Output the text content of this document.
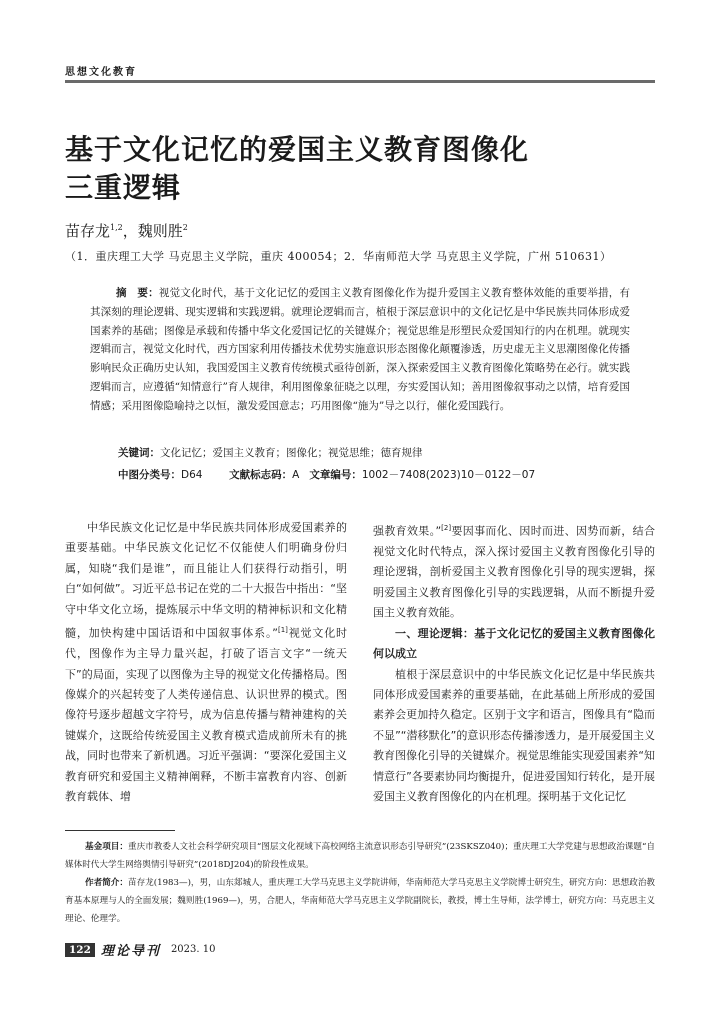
思想文化教育
基于文化记忆的爱国主义教育图像化
三重逻辑
苗存龙$^{1,2}$，魏则胜$^2$
（1．重庆理工大学 马克思主义学院，重庆 400054；2．华南师范大学 马克思主义学院，广州 510631）
摘　要：视觉文化时代，基于文化记忆的爱国主义教育图像化作为提升爱国主义教育整体效能的重要举措，有其深刻的理论逻辑、现实逻辑和实践逻辑。就理论逻辑而言，植根于深层意识中的文化记忆是中华民族共同体形成爱国素养的基础；图像是承载和传播中华文化爱国记忆的关键媒介；视觉思维是形塑民众爱国知行的内在机理。就现实逻辑而言，视觉文化时代，西方国家利用传播技术优势实施意识形态图像化颠覆渗透，历史虚无主义思潮图像化传播影响民众正确历史认知，我国爱国主义教育传统模式亟待创新，深入探索爱国主义教育图像化策略势在必行。就实践逻辑而言，应遵循“知情意行”育人规律，利用图像象征晓之以理，夯实爱国认知；善用图像叙事动之以情，培育爱国情感；采用图像隐喻持之以恒，激发爱国意志；巧用图像“施为”导之以行，催化爱国践行。
关键词：文化记忆；爱国主义教育；图像化；视觉思维；德育规律
中图分类号：D64	文献标志码：A 文章编号：1002－7408(2023)10－0122－07

中华民族文化记忆是中华民族共同体形成爱国素养的重要基础。中华民族文化记忆不仅能使人们明确身份归属，知晓“我们是谁”，而且能让人们获得行动指引，明白“如何做”。习近平总书记在党的二十大报告中指出：“坚守中华文化立场，提炼展示中华文明的精神标识和文化精髓，加快构建中国话语和中国叙事体系。”[1]视觉文化时代，图像作为主导力量兴起，打破了语言文字“一统天下”的局面，实现了以图像为主导的视觉文化传播格局。图像媒介的兴起转变了人类传递信息、认识世界的模式。图像符号逐步超越文字符号，成为信息传播与精神建构的关键媒介，这既给传统爱国主义教育模式造成前所未有的挑战，同时也带来了新机遇。习近平强调：“要深化爱国主义教育研究和爱国主义精神阐释，不断丰富教育内容、创新教育载体、增

强教育效果。”[2]要因事而化、因时而进、因势而新，结合视觉文化时代特点，深入探讨爱国主义教育图像化引导的理论逻辑，剖析爱国主义教育图像化引导的现实逻辑，探明爱国主义教育图像化引导的实践逻辑，从而不断提升爱国主义教育效能。

一、理论逻辑：基于文化记忆的爱国主义教育图像化何以成立

植根于深层意识中的中华民族文化记忆是中华民族共同体形成爱国素养的重要基础，在此基础上所形成的爱国素养会更加持久稳定。区别于文字和语言，图像具有“隐而不显”“潜移默化”的意识形态传播渗透力，是开展爱国主义教育图像化引导的关键媒介。视觉思维能实现爱国素养“知情意行”各要素协同均衡提升，促进爱国知行转化，是开展爱国主义教育图像化的内在机理。探明基于文化记忆

基金项目：重庆市教委人文社会科学研究项目“图层文化视域下高校网络主流意识形态引导研究”(23SKSZ040)；重庆理工大学党建与思想政治课题“自媒体时代大学生网络舆情引导研究”(2018DJ204)的阶段性成果。
作者简介：苗存龙(1983—)，男，山东郯城人，重庆理工大学马克思主义学院讲师，华南师范大学马克思主义学院博士研究生，研究方向：思想政治教育基本原理与人的全面发展；魏则胜(1969—)，男，合肥人，华南师范大学马克思主义学院副院长，教授，博士生导师，法学博士，研究方向：马克思主义理论、伦理学。
122 理论导刊 2023. 10
